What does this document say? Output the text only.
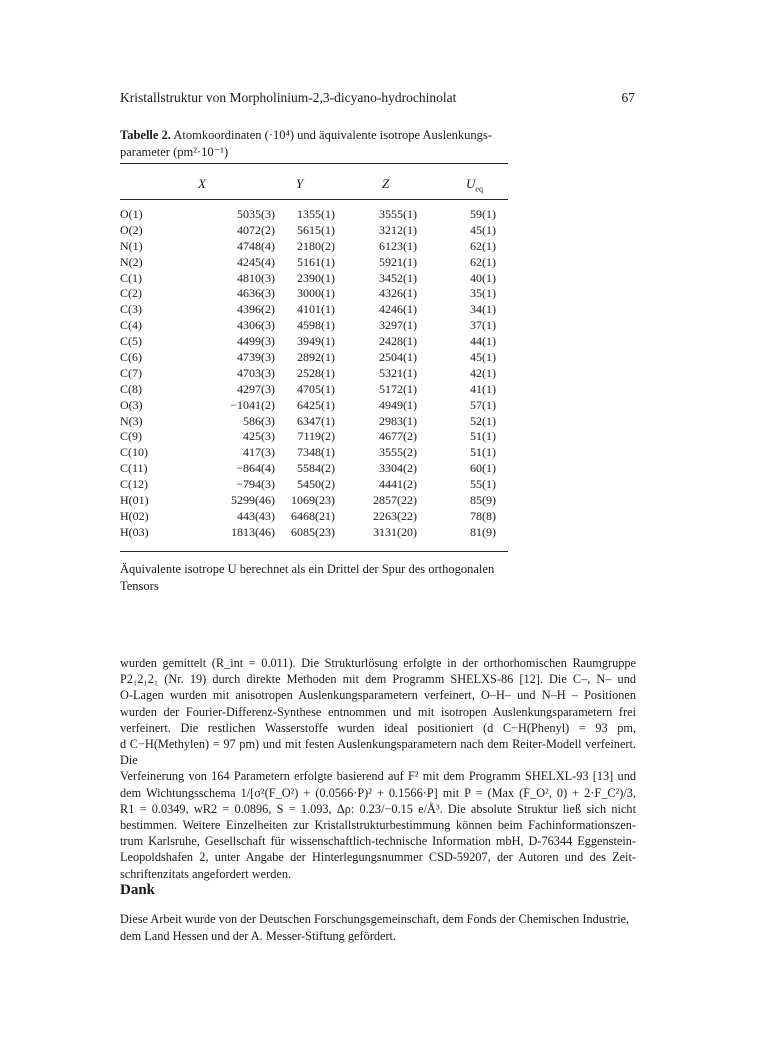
Kristallstruktur von Morpholinium-2,3-dicyano-hydrochinolat	67
Tabelle 2. Atomkoordinaten (·10⁴) und äquivalente isotrope Auslenkungs-
parameter (pm²·10⁻¹)
X	Y	Z	$U_{eq}$
O(1)	5035(3) 1355(1)	3555(1)	59(1)
O(2)	4072(2) 5615(1)	3212(1)	45(1)
N(1)	4748(4) 2180(2)	6123(1)	62(1)
N(2)	4245(4) 5161(1)	5921(1)	62(1)
C(1)	4810(3) 2390(1)	3452(1)	40(1)
C(2)	4636(3) 3000(1)	4326(1)	35(1)
C(3)	4396(2) 4101(1)	4246(1)	34(1)
C(4)	4306(3) 4598(1)	3297(1)	37(1)
C(5)	4499(3) 3949(1)	2428(1)	44(1)
C(6)	4739(3) 2892(1)	2504(1)	45(1)
C(7)	4703(3) 2528(1)	5321(1)	42(1)
C(8)	4297(3) 4705(1)	5172(1)	41(1)
O(3)	−1041(2) 6425(1)	4949(1)	57(1)
N(3)	586(3) 6347(1)	2983(1)	52(1)
C(9)	425(3) 7119(2)	4677(2)	51(1)
C(10)	417(3) 7348(1)	3555(2)	51(1)
C(11)	−864(4) 5584(2)	3304(2)	60(1)
C(12)	−794(3) 5450(2)	4441(2)	55(1)
H(01)	5299(46) 1069(23)	2857(22)	85(9)
H(02)	443(43) 6468(21)	2263(22)	78(8)
H(03)	1813(46) 6085(23)	3131(20)	81(9)
Äquivalente isotrope U berechnet als ein Drittel der Spur des orthogonalen
Tensors

wurden gemittelt (R_int = 0.011). Die Strukturlösung erfolgte in der orthorhomischen Raumgruppe

P2₁2₁2₁ (Nr. 19) durch direkte Methoden mit dem Programm SHELXS-86 [12]. Die C–, N– und

O-Lagen wurden mit anisotropen Auslenkungsparametern verfeinert, O–H– und N–H – Positionen

wurden der Fourier-Differenz-Synthese entnommen und mit isotropen Auslenkungsparametern frei

verfeinert. Die restlichen Wasserstoffe wurden ideal positioniert (d C−H(Phenyl) = 93 pm,

d C−H(Methylen) = 97 pm) und mit festen Auslenkungsparametern nach dem Reiter-Modell verfeinert. Die

Verfeinerung von 164 Parametern erfolgte basierend auf F² mit dem Programm SHELXL-93 [13] und

dem Wichtungsschema 1/[σ²(F_O²) + (0.0566·P)² + 0.1566·P] mit P = (Max (F_O², 0) + 2·F_C²)/3,

R1 = 0.0349, wR2 = 0.0896, S = 1.093, Δρ: 0.23/−0.15 e/Å³. Die absolute Struktur ließ sich nicht

bestimmen. Weitere Einzelheiten zur Kristallstrukturbestimmung können beim Fachinformationszen-

trum Karlsruhe, Gesellschaft für wissenschaftlich-technische Information mbH, D-76344 Eggenstein-

Leopoldshafen 2, unter Angabe der Hinterlegungsnummer CSD-59207, der Autoren und des Zeit-

schriftenzitats angefordert werden.

Dank

Diese Arbeit wurde von der Deutschen Forschungsgemeinschaft, dem Fonds der Chemischen Industrie,

dem Land Hessen und der A. Messer-Stiftung gefördert.
